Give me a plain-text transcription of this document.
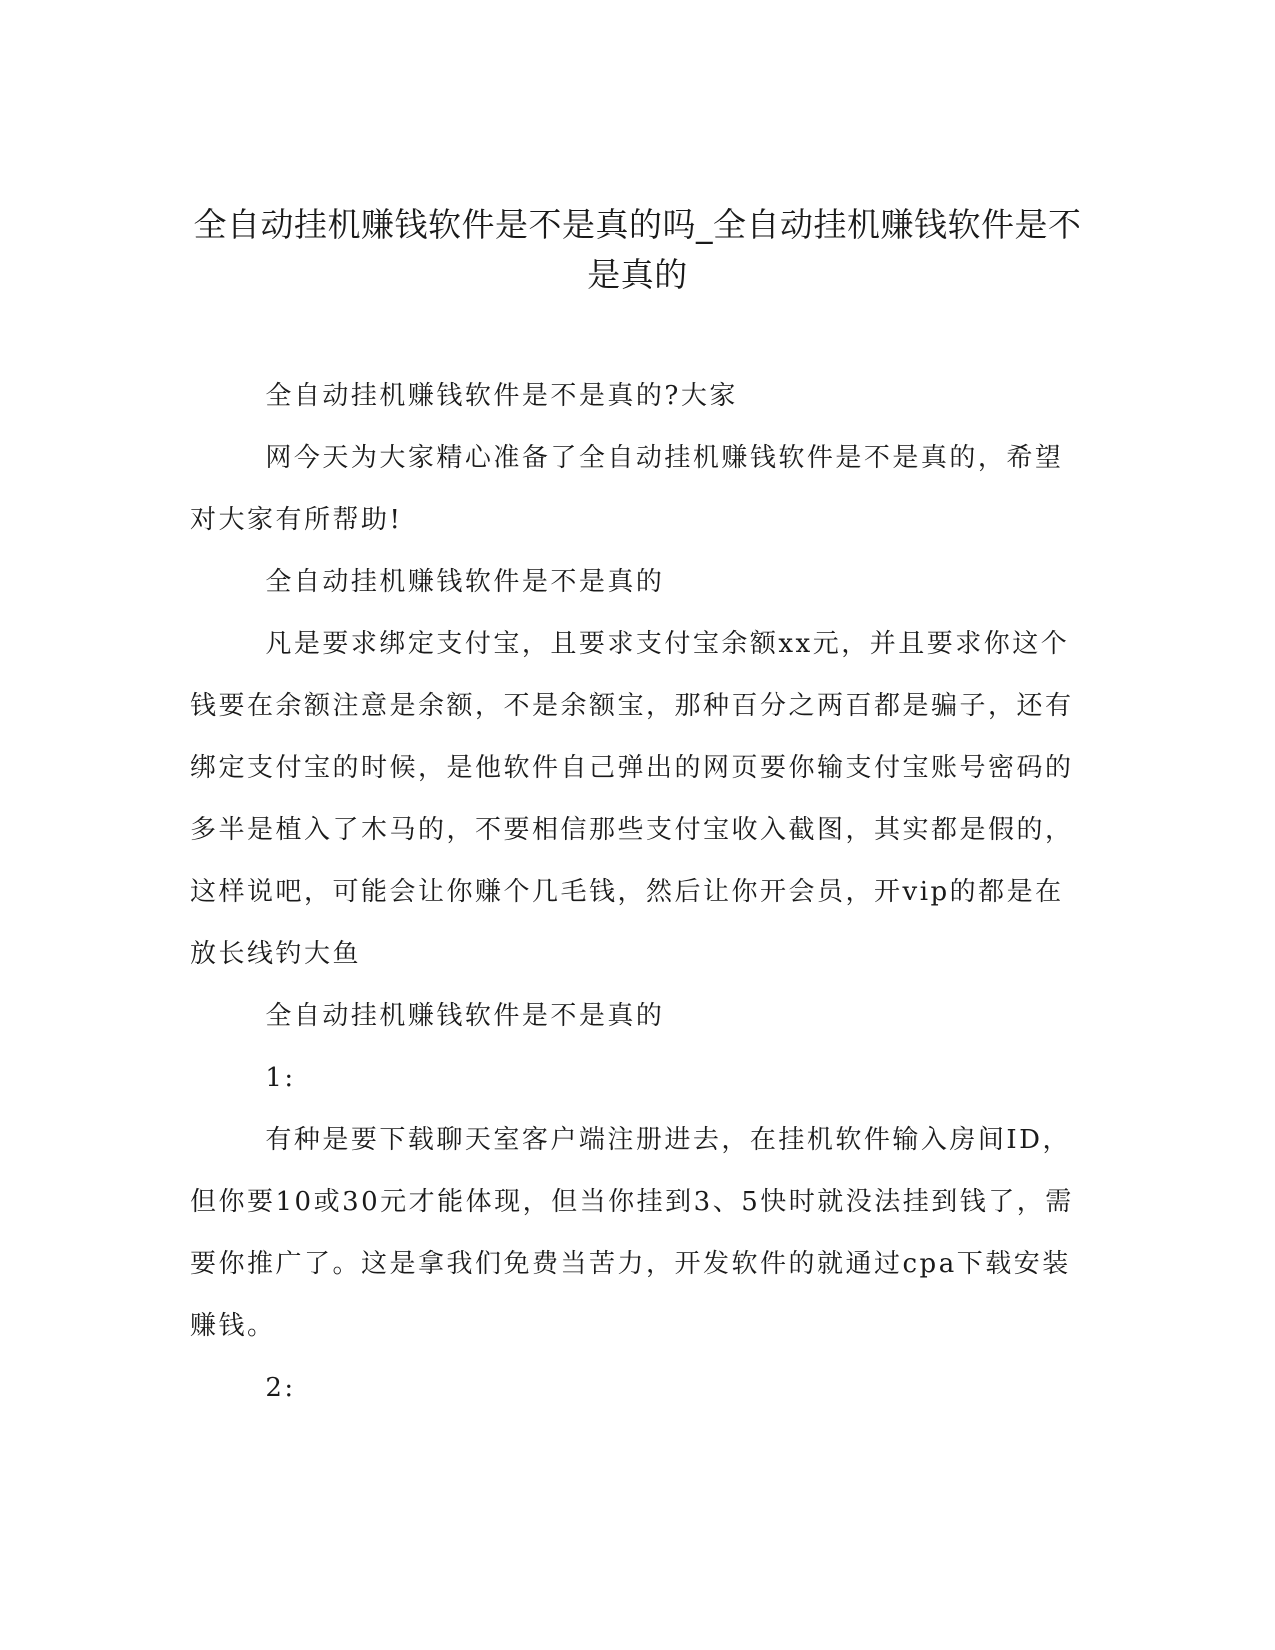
全自动挂机赚钱软件是不是真的吗_全自动挂机赚钱软件是不是真的

全自动挂机赚钱软件是不是真的?大家

网今天为大家精心准备了全自动挂机赚钱软件是不是真的，希望对大家有所帮助!

全自动挂机赚钱软件是不是真的

凡是要求绑定支付宝，且要求支付宝余额xx元，并且要求你这个钱要在余额注意是余额，不是余额宝，那种百分之两百都是骗子，还有绑定支付宝的时候，是他软件自己弹出的网页要你输支付宝账号密码的多半是植入了木马的，不要相信那些支付宝收入截图，其实都是假的，这样说吧，可能会让你赚个几毛钱，然后让你开会员，开vip的都是在放长线钓大鱼

全自动挂机赚钱软件是不是真的

1:

有种是要下载聊天室客户端注册进去，在挂机软件输入房间ID，但你要10或30元才能体现，但当你挂到3、5快时就没法挂到钱了，需要你推广了。这是拿我们免费当苦力，开发软件的就通过cpa下载安装赚钱。

2:
